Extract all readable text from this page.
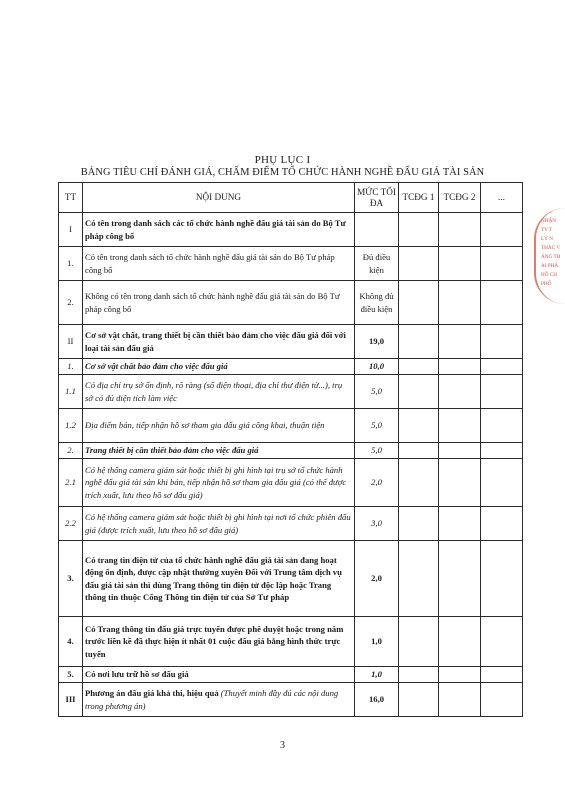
PHỤ LỤC I
BẢNG TIÊU CHÍ ĐÁNH GIÁ, CHẤM ĐIỂM TỔ CHỨC HÀNH NGHỀ ĐẤU GIÁ TÀI SẢN
TT	NỘI DUNG	MỨC TỐI ĐA	TCĐG 1	TCĐG 2	...
I	Có tên trong danh sách các tổ chức hành nghề đấu giá tài sản do Bộ Tư pháp công bố				
1.	Có tên trong danh sách tổ chức hành nghề đấu giá tài sản do Bộ Tư pháp công bố	Đủ điều kiện			
2.	Không có tên trong danh sách tổ chức hành nghề đấu giá tài sản do Bộ Tư pháp công bố	Không đủ điều kiện			
II	Cơ sở vật chất, trang thiết bị cần thiết bảo đảm cho việc đấu giá đối với loại tài sản đấu giá	19,0			
1.	Cơ sở vật chất bảo đảm cho việc đấu giá	10,0			
1.1	Có địa chỉ trụ sở ổn định, rõ ràng (số điện thoại, địa chỉ thư điện tử...), trụ sở có đủ diện tích làm việc	5,0			
1.2	Địa điểm bán, tiếp nhận hồ sơ tham gia đấu giá công khai, thuận tiện	5,0			
2.	Trang thiết bị cần thiết bảo đảm cho việc đấu giá	5,0			
2.1	Có hệ thống camera giám sát hoặc thiết bị ghi hình tại trụ sở tổ chức hành nghề đấu giá tài sản khi bán, tiếp nhận hồ sơ tham gia đấu giá (có thể được trích xuất, lưu theo hồ sơ đấu giá)	2,0			
2.2	Có hệ thống camera giám sát hoặc thiết bị ghi hình tại nơi tổ chức phiên đấu giá (được trích xuất, lưu theo hồ sơ đấu giá)	3,0			
3.	Có trang tin điện tử của tổ chức hành nghề đấu giá tài sản đang hoạt động ổn định, được cập nhật thường xuyên Đối với Trung tâm dịch vụ đấu giá tài sản thì dùng Trang thông tin điện tử độc lập hoặc Trang thông tin thuộc Cổng Thông tin điện tử của Sở Tư pháp	2,0			
4.	Có Trang thông tin đấu giá trực tuyến được phê duyệt hoặc trong năm trước liền kề đã thực hiện ít nhất 01 cuộc đấu giá bằng hình thức trực tuyến	1,0			
5.	Có nơi lưu trữ hồ sơ đấu giá	1,0			
III	Phương án đấu giá khả thi, hiệu quả (Thuyết minh đầy đủ các nội dung trong phương án)	16,0			
TO C
NHẬN
TY T
LÝ N
THÁC V
ÁNG TH
AI PHÁ
HỒ CH
PHỐ
3
